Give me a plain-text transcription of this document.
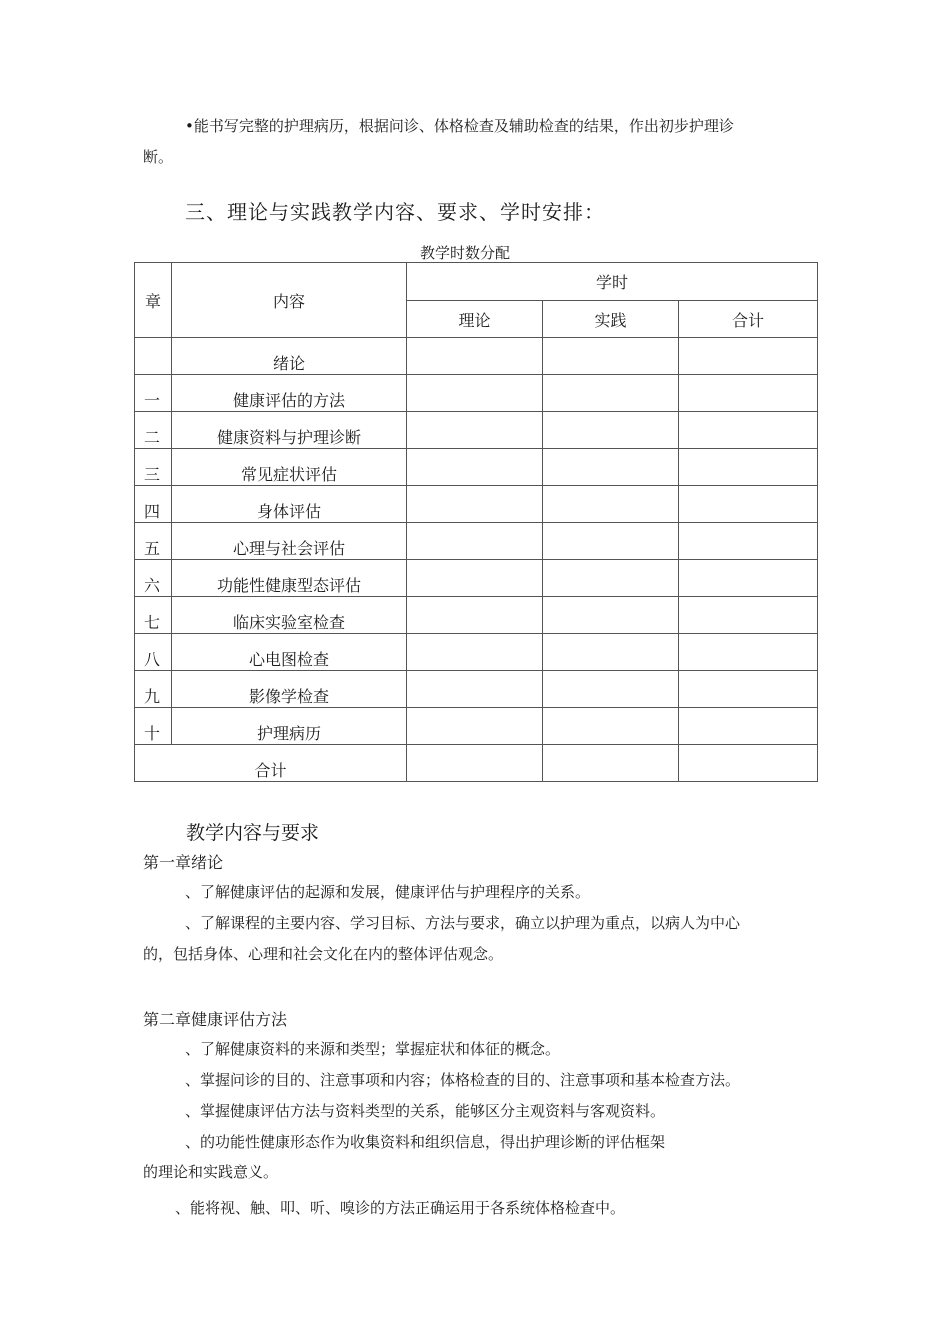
•能书写完整的护理病历，根据问诊、体格检查及辅助检查的结果，作出初步护理诊
断。
三、理论与实践教学内容、要求、学时安排：
教学时数分配
章	内容	学时		
		理论	实践	合计
	绪论			
一	健康评估的方法			
二	健康资料与护理诊断			
三	常见症状评估			
四	身体评估			
五	心理与社会评估			
六	功能性健康型态评估			
七	临床实验室检查			
八	心电图检查			
九	影像学检查			
十	护理病历			
合计				
教学内容与要求
第一章绪论
、了解健康评估的起源和发展，健康评估与护理程序的关系。
、了解课程的主要内容、学习目标、方法与要求，确立以护理为重点，以病人为中心
的，包括身体、心理和社会文化在内的整体评估观念。
第二章健康评估方法
、了解健康资料的来源和类型；掌握症状和体征的概念。
、掌握问诊的目的、注意事项和内容；体格检查的目的、注意事项和基本检查方法。
、掌握健康评估方法与资料类型的关系，能够区分主观资料与客观资料。
、的功能性健康形态作为收集资料和组织信息，得出护理诊断的评估框架
的理论和实践意义。
、能将视、触、叩、听、嗅诊的方法正确运用于各系统体格检查中。
